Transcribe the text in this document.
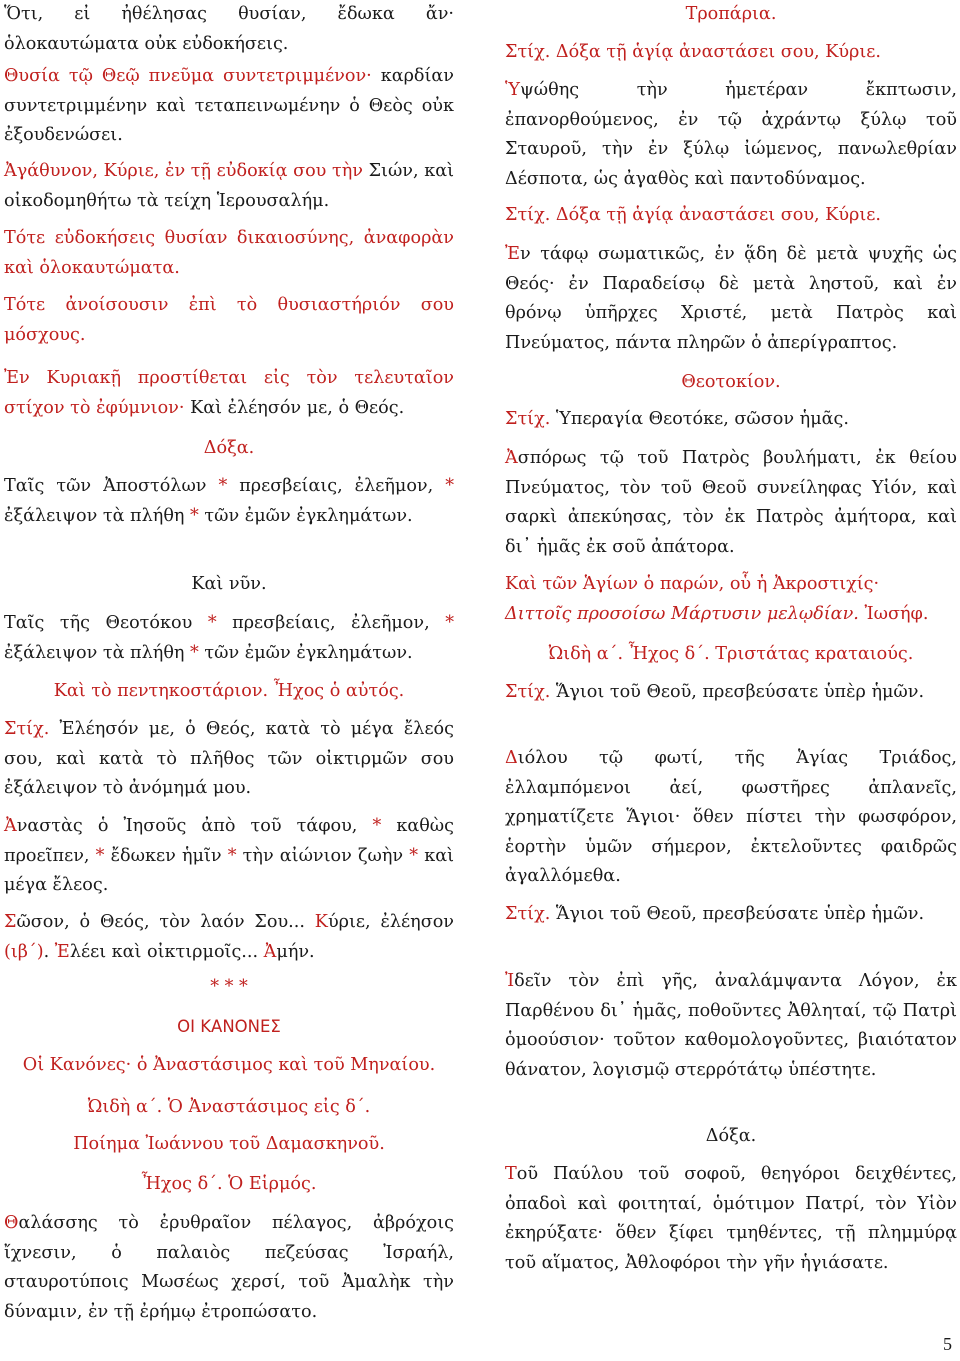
Ὅτι, εἰ ἠθέλησας θυσίαν, ἔδωκα ἄν· ὁλοκαυτώματα οὐκ εὐδοκήσεις.

Θυσία τῷ Θεῷ πνεῦμα συντετριμμένον· καρδίαν συντετριμμένην καὶ τεταπεινωμένην ὁ Θεὸς οὐκ ἐξουδενώσει.

Ἀγάθυνον, Κύριε, ἐν τῇ εὐδοκίᾳ σου τὴν Σιών, καὶ οἰκοδομηθήτω τὰ τείχη Ἱερουσαλήμ.

Τότε εὐδοκήσεις θυσίαν δικαιοσύνης, ἀναφορὰν καὶ ὁλοκαυτώματα.

Τότε ἀνοίσουσιν ἐπὶ τὸ θυσιαστήριόν σου μόσχους.

Ἐν Κυριακῇ προστίθεται εἰς τὸν τελευταῖον στίχον τὸ ἐφύμνιον· Καὶ ἐλέησόν με, ὁ Θεός.

Δόξα.

Ταῖς τῶν Ἀποστόλων * πρεσβείαις, ἐλεῆμον, * ἐξάλειψον τὰ πλήθη * τῶν ἐμῶν ἐγκλημάτων.

Καὶ νῦν.

Ταῖς τῆς Θεοτόκου * πρεσβείαις, ἐλεῆμον, * ἐξάλειψον τὰ πλήθη * τῶν ἐμῶν ἐγκλημάτων.

Καὶ τὸ πεντηκοστάριον. Ἦχος ὁ αὐτός.

Στίχ. Ἐλέησόν με, ὁ Θεός, κατὰ τὸ μέγα ἔλεός σου, καὶ κατὰ τὸ πλῆθος τῶν οἰκτιρμῶν σου ἐξάλειψον τὸ ἀνόμημά μου.

Ἀναστὰς ὁ Ἰησοῦς ἀπὸ τοῦ τάφου, * καθὼς προεῖπεν, * ἔδωκεν ἡμῖν * τὴν αἰώνιον ζωὴν * καὶ μέγα ἔλεος.

Σῶσον, ὁ Θεός, τὸν λαόν Σου... Κύριε, ἐλέησον (ιβ΄). Ἐλέει καὶ οἰκτιρμοῖς... Ἀμήν.

* * *

ΟΙ ΚΑΝΟΝΕΣ

Οἱ Κανόνες· ὁ Ἀναστάσιμος καὶ τοῦ Μηναίου.

Ὠιδὴ α΄. Ὁ Ἀναστάσιμος εἰς δ΄.

Ποίημα Ἰωάννου τοῦ Δαμασκηνοῦ.

Ἦχος δ΄. Ὁ Εἱρμός.

Θαλάσσης τὸ ἐρυθραῖον πέλαγος, ἀβρόχοις ἴχνεσιν, ὁ παλαιὸς πεζεύσας Ἰσραήλ, σταυροτύποις Μωσέως χερσί, τοῦ Ἀμαλὴκ τὴν δύναμιν, ἐν τῇ ἐρήμῳ ἐτροπώσατο.

Τροπάρια.

Στίχ. Δόξα τῇ ἁγίᾳ ἀναστάσει σου, Κύριε.

Ὑψώθης τὴν ἡμετέραν ἔκπτωσιν, ἐπανορθούμενος, ἐν τῷ ἀχράντῳ ξύλῳ τοῦ Σταυροῦ, τὴν ἐν ξύλῳ ἰώμενος, πανωλεθρίαν Δέσποτα, ὡς ἀγαθὸς καὶ παντοδύναμος.

Στίχ. Δόξα τῇ ἁγίᾳ ἀναστάσει σου, Κύριε.

Ἐν τάφῳ σωματικῶς, ἐν ᾅδη δὲ μετὰ ψυχῆς ὡς Θεός· ἐν Παραδείσῳ δὲ μετὰ ληστοῦ, καὶ ἐν θρόνῳ ὑπῆρχες Χριστέ, μετὰ Πατρὸς καὶ Πνεύματος, πάντα πληρῶν ὁ ἀπερίγραπτος.

Θεοτοκίον.

Στίχ. Ὑπεραγία Θεοτόκε, σῶσον ἡμᾶς.

Ἀσπόρως τῷ τοῦ Πατρὸς βουλήματι, ἐκ θείου Πνεύματος, τὸν τοῦ Θεοῦ συνείληφας Υἱόν, καὶ σαρκὶ ἀπεκύησας, τὸν ἐκ Πατρὸς ἀμήτορα, καὶ δι᾽ ἡμᾶς ἐκ σοῦ ἀπάτορα.

Καὶ τῶν Ἁγίων ὁ παρών, οὗ ἡ Ἀκροστιχίς·
Διττοῖς προσοίσω Μάρτυσιν μελῳδίαν. Ἰωσήφ.

Ὠιδὴ α΄. Ἦχος δ΄. Τριστάτας κραταιούς.

Στίχ. Ἅγιοι τοῦ Θεοῦ, πρεσβεύσατε ὑπὲρ ἡμῶν.

Διόλου τῷ φωτί, τῆς Ἁγίας Τριάδος, ἐλλαμπόμενοι ἀεί, φωστῆρες ἀπλανεῖς, χρηματίζετε Ἅγιοι· ὅθεν πίστει τὴν φωσφόρον, ἑορτὴν ὑμῶν σήμερον, ἐκτελοῦντες φαιδρῶς ἀγαλλόμεθα.

Στίχ. Ἅγιοι τοῦ Θεοῦ, πρεσβεύσατε ὑπὲρ ἡμῶν.

Ἰδεῖν τὸν ἐπὶ γῆς, ἀναλάμψαντα Λόγον, ἐκ Παρθένου δι᾽ ἡμᾶς, ποθοῦντες Ἀθληταί, τῷ Πατρὶ ὁμοούσιον· τοῦτον καθομολογοῦντες, βιαιότατον θάνατον, λογισμῷ στερρότάτῳ ὑπέστητε.

Δόξα.

Τοῦ Παύλου τοῦ σοφοῦ, θεηγόροι δειχθέντες, ὀπαδοὶ καὶ φοιτηταί, ὁμότιμον Πατρί, τὸν Υἱὸν ἐκηρύξατε· ὅθεν ξίφει τμηθέντες, τῇ πλημμύρᾳ τοῦ αἵματος, Ἀθλοφόροι τὴν γῆν ἡγιάσατε.

5
